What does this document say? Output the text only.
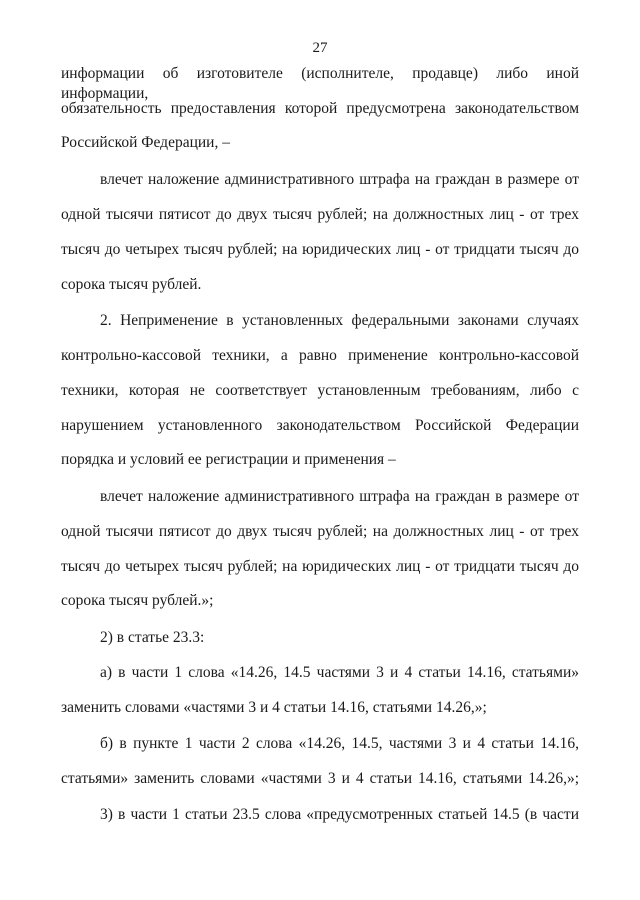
27
информации об изготовителе (исполнителе, продавце) либо иной информации,
обязательность предоставления которой предусмотрена законодательством
Российской Федерации, –
влечет наложение административного штрафа на граждан в размере от
одной тысячи пятисот до двух тысяч рублей; на должностных лиц - от трех
тысяч до четырех тысяч рублей; на юридических лиц - от тридцати тысяч до
сорока тысяч рублей.
2. Неприменение в установленных федеральными законами случаях
контрольно-кассовой техники, а равно применение контрольно-кассовой
техники, которая не соответствует установленным требованиям, либо с
нарушением установленного законодательством Российской Федерации
порядка и условий ее регистрации и применения –
влечет наложение административного штрафа на граждан в размере от
одной тысячи пятисот до двух тысяч рублей; на должностных лиц - от трех
тысяч до четырех тысяч рублей; на юридических лиц - от тридцати тысяч до
сорока тысяч рублей.»;
2) в статье 23.3:
а) в части 1 слова «14.26, 14.5 частями 3 и 4 статьи 14.16, статьями»
заменить словами «частями 3 и 4 статьи 14.16, статьями 14.26,»;
б) в пункте 1 части 2 слова «14.26, 14.5, частями 3 и 4 статьи 14.16,
статьями» заменить словами «частями 3 и 4 статьи 14.16, статьями 14.26,»;
3) в части 1 статьи 23.5 слова «предусмотренных статьей 14.5 (в части
